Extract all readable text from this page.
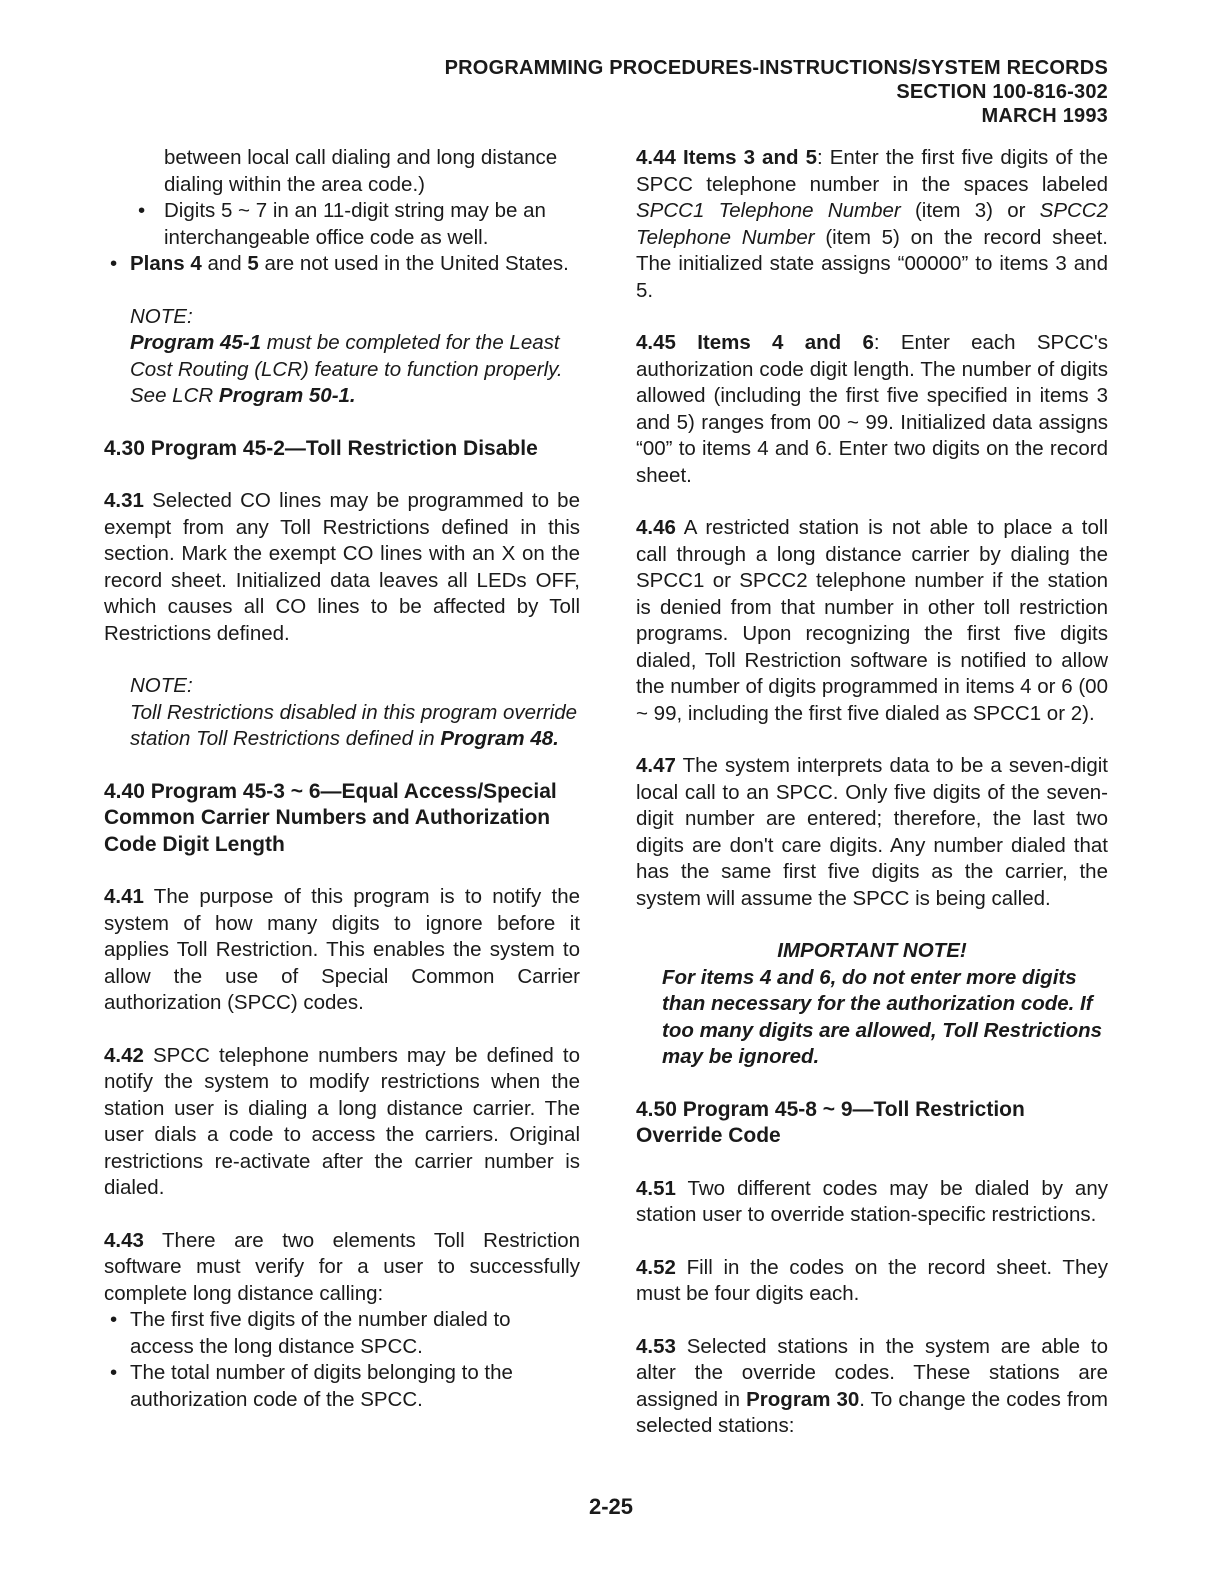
PROGRAMMING PROCEDURES-INSTRUCTIONS/SYSTEM RECORDS
SECTION 100-816-302
MARCH 1993
between local call dialing and long distance dialing within the area code.)
• Digits 5 ~ 7 in an 11-digit string may be an interchangeable office code as well.
• Plans 4 and 5 are not used in the United States.
NOTE:
Program 45-1 must be completed for the Least Cost Routing (LCR) feature to function properly. See LCR Program 50-1.
4.30 Program 45-2—Toll Restriction Disable

4.31 Selected CO lines may be programmed to be exempt from any Toll Restrictions defined in this section. Mark the exempt CO lines with an X on the record sheet. Initialized data leaves all LEDs OFF, which causes all CO lines to be affected by Toll Restrictions defined.

NOTE:
Toll Restrictions disabled in this program override station Toll Restrictions defined in Program 48.
4.40 Program 45-3 ~ 6—Equal Access/Special Common Carrier Numbers and Authorization Code Digit Length

4.41 The purpose of this program is to notify the system of how many digits to ignore before it applies Toll Restriction. This enables the system to allow the use of Special Common Carrier authorization (SPCC) codes.

4.42 SPCC telephone numbers may be defined to notify the system to modify restrictions when the station user is dialing a long distance carrier. The user dials a code to access the carriers. Original restrictions re-activate after the carrier number is dialed.

4.43 There are two elements Toll Restriction software must verify for a user to successfully complete long distance calling:

• The first five digits of the number dialed to access the long distance SPCC.
• The total number of digits belonging to the authorization code of the SPCC.

4.44 Items 3 and 5: Enter the first five digits of the SPCC telephone number in the spaces labeled SPCC1 Telephone Number (item 3) or SPCC2 Telephone Number (item 5) on the record sheet. The initialized state assigns “00000” to items 3 and 5.

4.45 Items 4 and 6: Enter each SPCC's authorization code digit length. The number of digits allowed (including the first five specified in items 3 and 5) ranges from 00 ~ 99. Initialized data assigns “00” to items 4 and 6. Enter two digits on the record sheet.

4.46 A restricted station is not able to place a toll call through a long distance carrier by dialing the SPCC1 or SPCC2 telephone number if the station is denied from that number in other toll restriction programs. Upon recognizing the first five digits dialed, Toll Restriction software is notified to allow the number of digits programmed in items 4 or 6 (00 ~ 99, including the first five dialed as SPCC1 or 2).

4.47 The system interprets data to be a seven-digit local call to an SPCC. Only five digits of the seven-digit number are entered; therefore, the last two digits are don't care digits. Any number dialed that has the same first five digits as the carrier, the system will assume the SPCC is being called.

IMPORTANT NOTE!
For items 4 and 6, do not enter more digits than necessary for the authorization code. If too many digits are allowed, Toll Restrictions may be ignored.
4.50 Program 45-8 ~ 9—Toll Restriction Override Code

4.51 Two different codes may be dialed by any station user to override station-specific restrictions.

4.52 Fill in the codes on the record sheet. They must be four digits each.

4.53 Selected stations in the system are able to alter the override codes. These stations are assigned in Program 30. To change the codes from selected stations:

2-25
